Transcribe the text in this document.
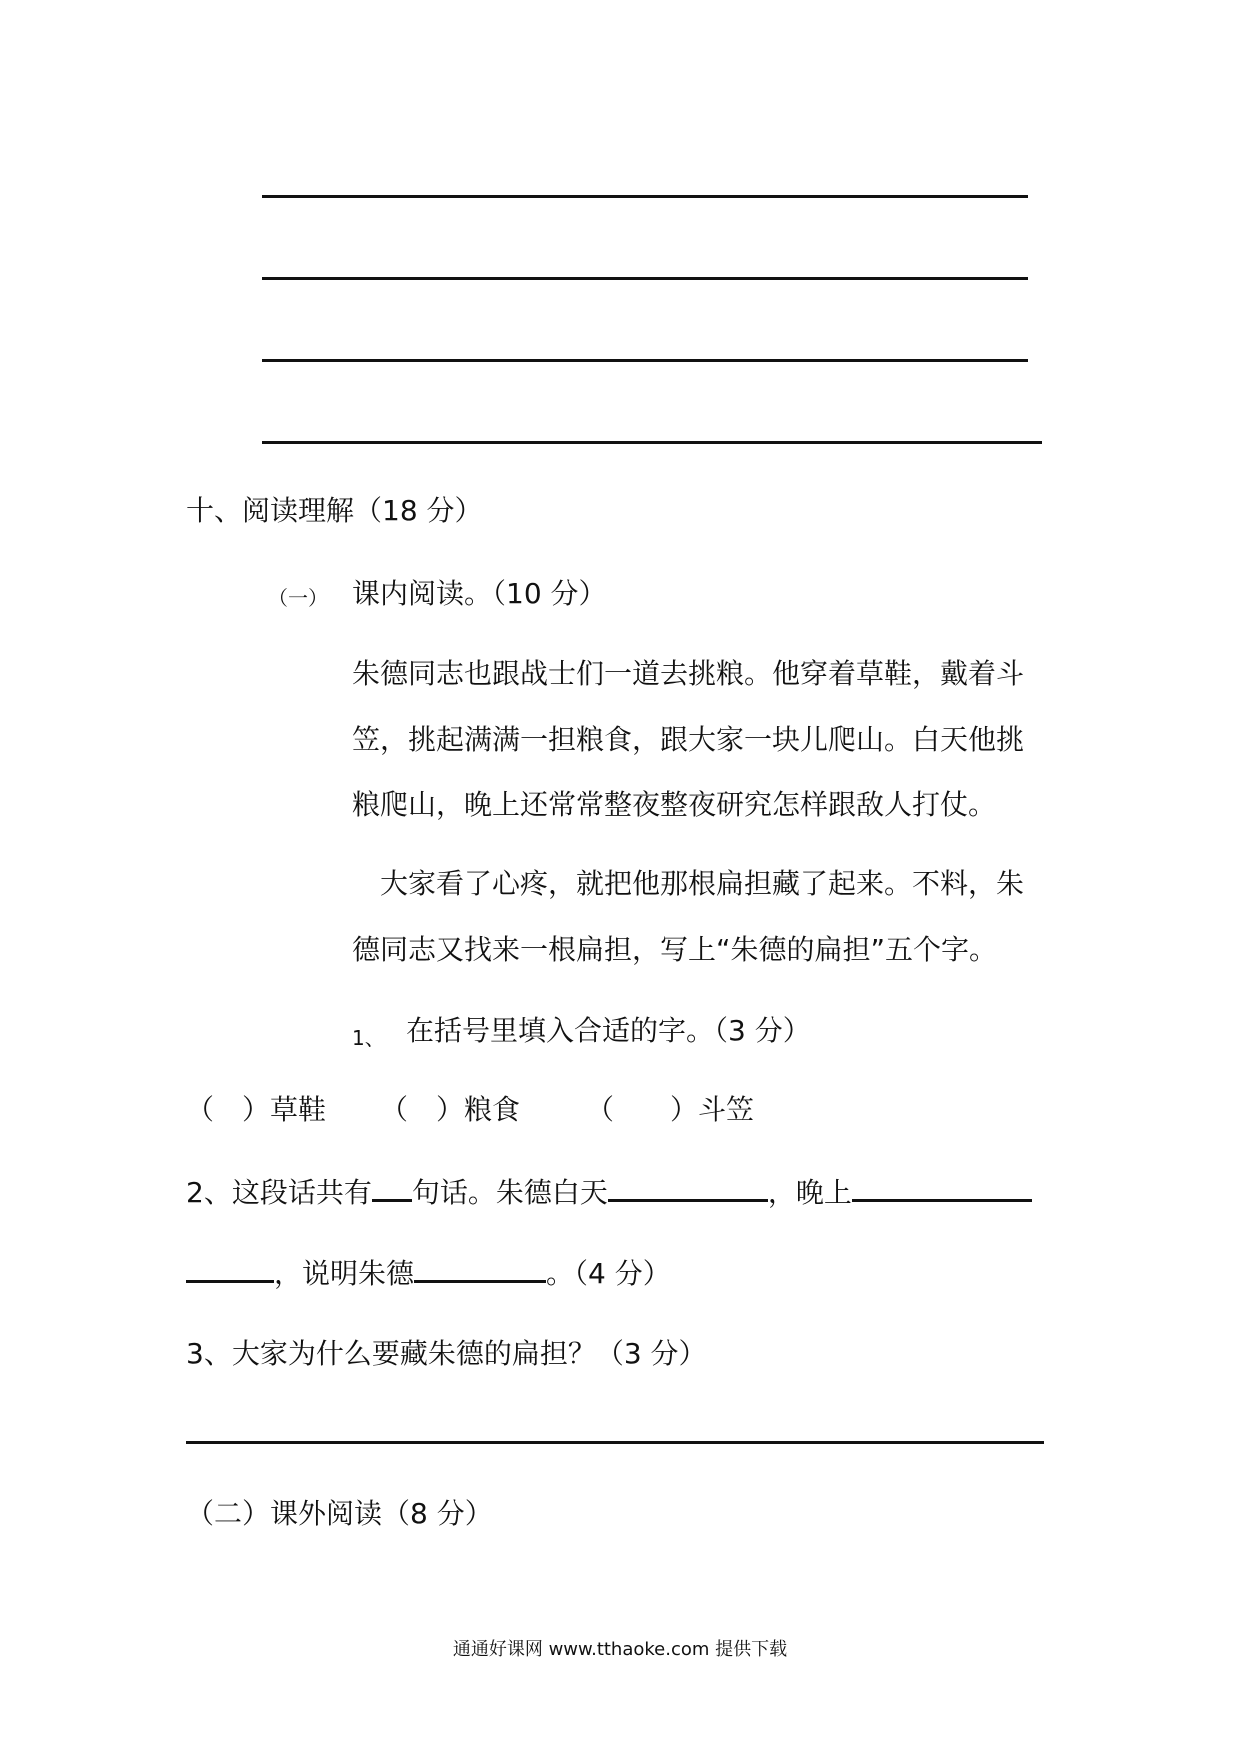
十、阅读理解（18 分）
（一） 课内阅读。（10 分）
朱德同志也跟战士们一道去挑粮。他穿着草鞋，戴着斗
笠，挑起满满一担粮食，跟大家一块儿爬山。白天他挑
粮爬山，晚上还常常整夜整夜研究怎样跟敌人打仗。
大家看了心疼，就把他那根扁担藏了起来。不料，朱
德同志又找来一根扁担，写上“朱德的扁担”五个字。
1、 在括号里填入合适的字。（3 分）
（　）草鞋 （　）粮食 （　　）斗笠
2、这段话共有 句话。朱德白天	，晚上
，说明朱德	。（4 分）
3、大家为什么要藏朱德的扁担？（3 分）
（二）课外阅读（8 分）
通通好课网 www.tthaoke.com 提供下载
